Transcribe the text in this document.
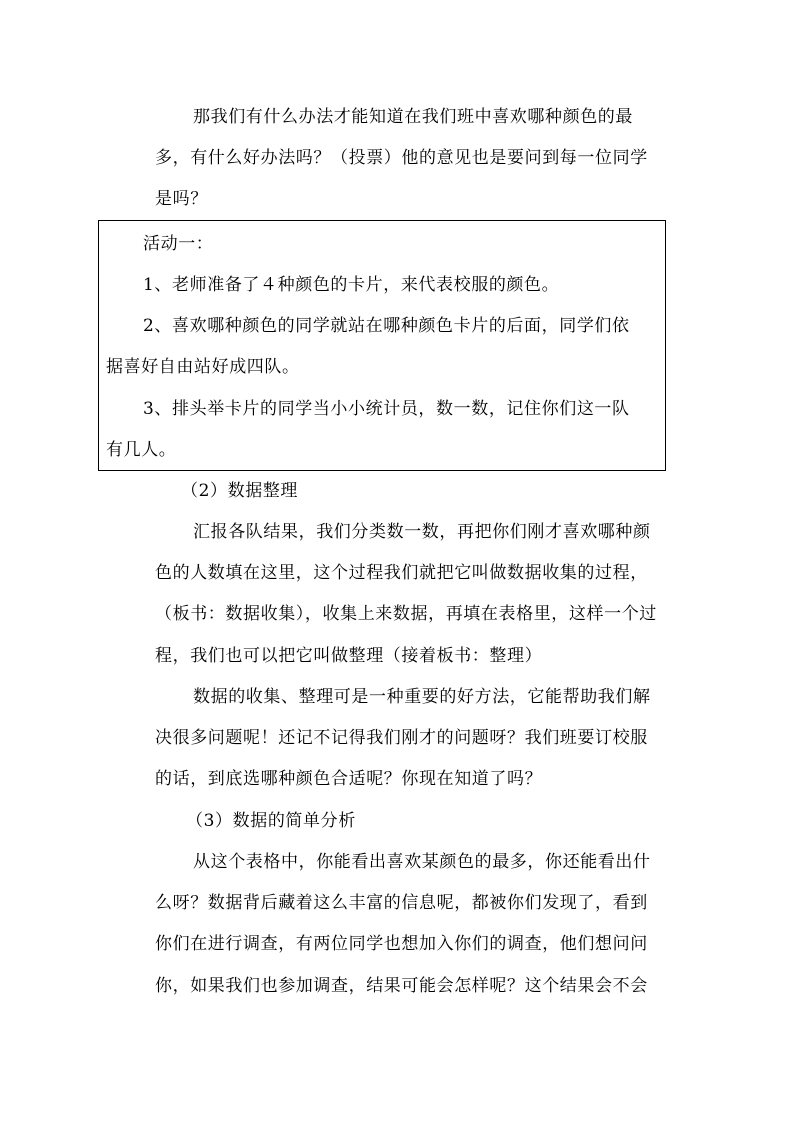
那我们有什么办法才能知道在我们班中喜欢哪种颜色的最
多，有什么好办法吗？（投票）他的意见也是要问到每一位同学
是吗？
活动一：
1、老师准备了４种颜色的卡片，来代表校服的颜色。
2、喜欢哪种颜色的同学就站在哪种颜色卡片的后面，同学们依
据喜好自由站好成四队。
3、排头举卡片的同学当小小统计员，数一数，记住你们这一队
有几人。
（2）数据整理
汇报各队结果，我们分类数一数，再把你们刚才喜欢哪种颜
色的人数填在这里，这个过程我们就把它叫做数据收集的过程，
（板书：数据收集），收集上来数据，再填在表格里，这样一个过
程，我们也可以把它叫做整理（接着板书：整理）
数据的收集、整理可是一种重要的好方法，它能帮助我们解
决很多问题呢！还记不记得我们刚才的问题呀？我们班要订校服
的话，到底选哪种颜色合适呢？你现在知道了吗？
（3）数据的简单分析
从这个表格中，你能看出喜欢某颜色的最多，你还能看出什
么呀？数据背后藏着这么丰富的信息呢，都被你们发现了，看到
你们在进行调查，有两位同学也想加入你们的调查，他们想问问
你，如果我们也参加调查，结果可能会怎样呢？这个结果会不会
